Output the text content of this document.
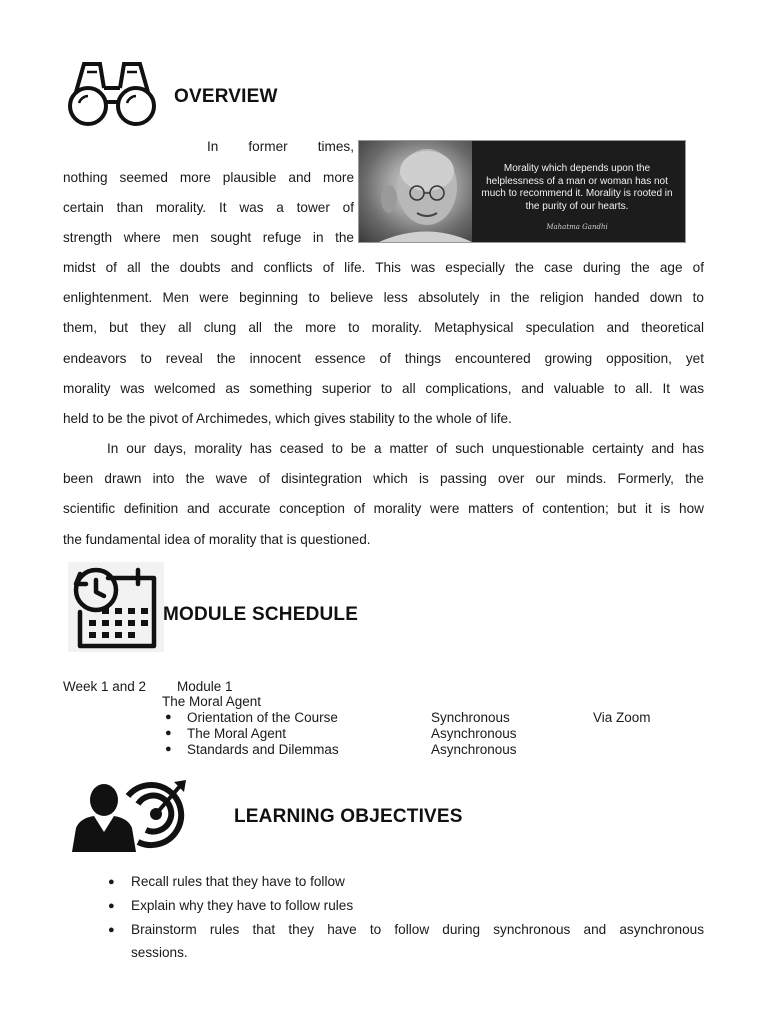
OVERVIEW
Morality which depends upon the helplessness of a man or woman has not much to recommend it. Morality is rooted in the purity of our hearts.
Mahatma Gandhi
In former times,
nothing seemed more plausible and more
certain than morality. It was a tower of
strength where men sought refuge in the
midst of all the doubts and conflicts of life. This was especially the case during the age of
enlightenment. Men were beginning to believe less absolutely in the religion handed down to
them, but they all clung all the more to morality. Metaphysical speculation and theoretical
endeavors to reveal the innocent essence of things encountered growing opposition, yet
morality was welcomed as something superior to all complications, and valuable to all. It was
held to be the pivot of Archimedes, which gives stability to the whole of life.
In our days, morality has ceased to be a matter of such unquestionable certainty and has
been drawn into the wave of disintegration which is passing over our minds. Formerly, the
scientific definition and accurate conception of morality were matters of contention; but it is how
the fundamental idea of morality that is questioned.
MODULE SCHEDULE
Week 1 and 2 Module 1
The Moral Agent
● Orientation of the Course	Synchronous	Via Zoom
● The Moral Agent	Asynchronous
● Standards and Dilemmas	Asynchronous
LEARNING OBJECTIVES
● Recall rules that they have to follow
● Explain why they have to follow rules
● Brainstorm rules that they have to follow during synchronous and asynchronous
sessions.
